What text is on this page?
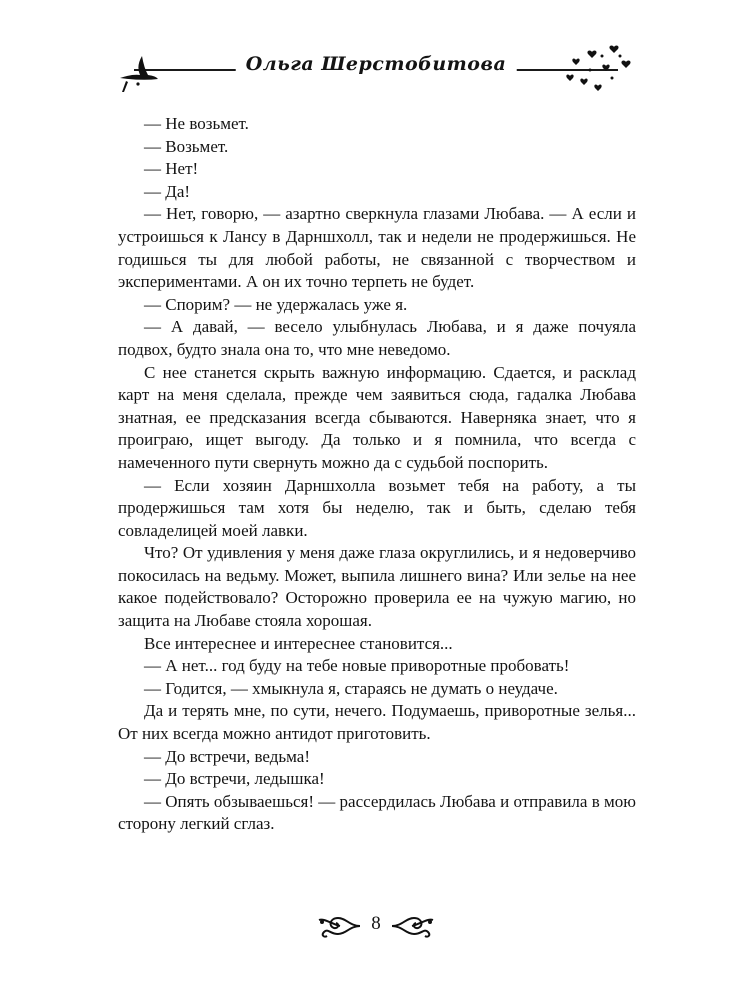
Ольга Шерстобитова

— Не возьмет.

— Возьмет.

— Нет!

— Да!

— Нет, говорю, — азартно сверкнула глазами Любава. — А если и устроишься к Лансу в Дарншхолл, так и недели не продержишься. Не годишься ты для любой работы, не связанной с творчеством и экспериментами. А он их точно терпеть не будет.

— Спорим? — не удержалась уже я.

— А давай, — весело улыбнулась Любава, и я даже почуяла подвох, будто знала она то, что мне неведомо.

С нее станется скрыть важную информацию. Сдается, и расклад карт на меня сделала, прежде чем заявиться сюда, гадалка Любава знатная, ее предсказания всегда сбываются. Наверняка знает, что я проиграю, ищет выгоду. Да только и я помнила, что всегда с намеченного пути свернуть можно да с судьбой поспорить.

— Если хозяин Дарншхолла возьмет тебя на работу, а ты продержишься там хотя бы неделю, так и быть, сделаю тебя совладелицей моей лавки.

Что? От удивления у меня даже глаза округлились, и я недоверчиво покосилась на ведьму. Может, выпила лишнего вина? Или зелье на нее какое подействовало? Осторожно проверила ее на чужую магию, но защита на Любаве стояла хорошая.

Все интереснее и интереснее становится...

— А нет... год буду на тебе новые приворотные пробовать!

— Годится, — хмыкнула я, стараясь не думать о неудаче.

Да и терять мне, по сути, нечего. Подумаешь, приворотные зелья... От них всегда можно антидот приготовить.

— До встречи, ведьма!

— До встречи, ледышка!

— Опять обзываешься! — рассердилась Любава и отправила в мою сторону легкий сглаз.

8
